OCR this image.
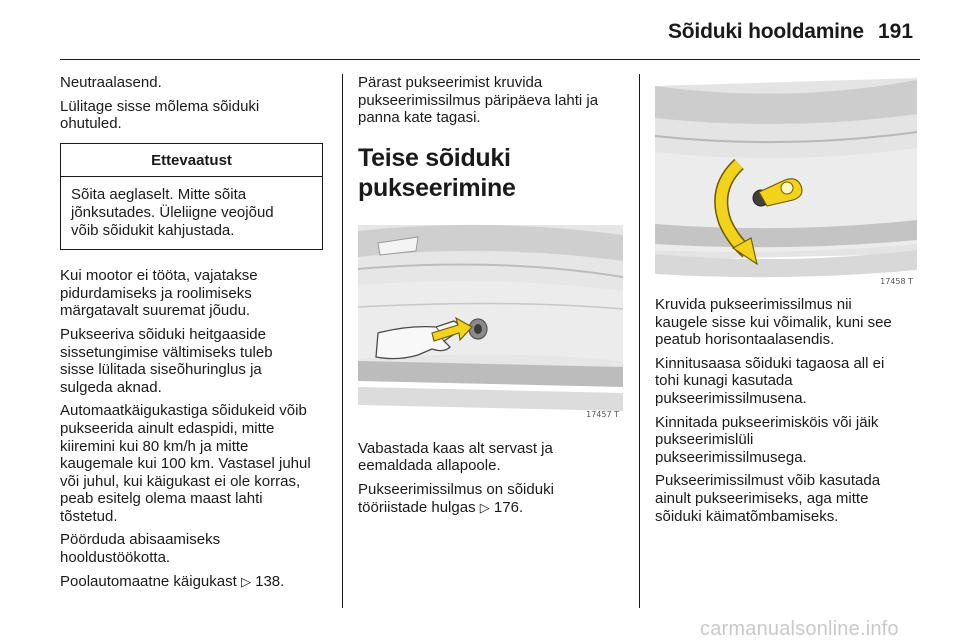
Sõiduki hooldamine 191

Neutraalasend.

Lülitage sisse mõlema sõiduki
ohutuled.

Ettevaatust
Sõita aeglaselt. Mitte sõita
jõnksutades. Üleliigne veojõud
võib sõidukit kahjustada.

Kui mootor ei tööta, vajatakse
pidurdamiseks ja roolimiseks
märgatavalt suuremat jõudu.

Pukseeriva sõiduki heitgaaside
sissetungimise vältimiseks tuleb
sisse lülitada siseõhuringlus ja
sulgeda aknad.

Automaatkäigukastiga sõidukeid võib
pukseerida ainult edaspidi, mitte
kiiremini kui 80 km/h ja mitte
kaugemale kui 100 km. Vastasel juhul
või juhul, kui käigukast ei ole korras,
peab esitelg olema maast lahti
tõstetud.

Pöörduda abisaamiseks
hooldustöökotta.

Poolautomaatne käigukast ▷ 138.

Pärast pukseerimist kruvida
pukseerimissilmus päripäeva lahti ja
panna kate tagasi.

Teise sõiduki
pukseerimine
17457 T

Vabastada kaas alt servast ja
eemaldada allapoole.

Pukseerimissilmus on sõiduki
tööriistade hulgas ▷ 176.

17458 T

Kruvida pukseerimissilmus nii
kaugele sisse kui võimalik, kuni see
peatub horisontaalasendis.

Kinnitusaasa sõiduki tagaosa all ei
tohi kunagi kasutada
pukseerimissilmusena.

Kinnitada pukseerimisköis või jäik
pukseerimislüli
pukseerimissilmusega.

Pukseerimissilmust võib kasutada
ainult pukseerimiseks, aga mitte
sõiduki käimatõmbamiseks.

carmanualsonline.info
